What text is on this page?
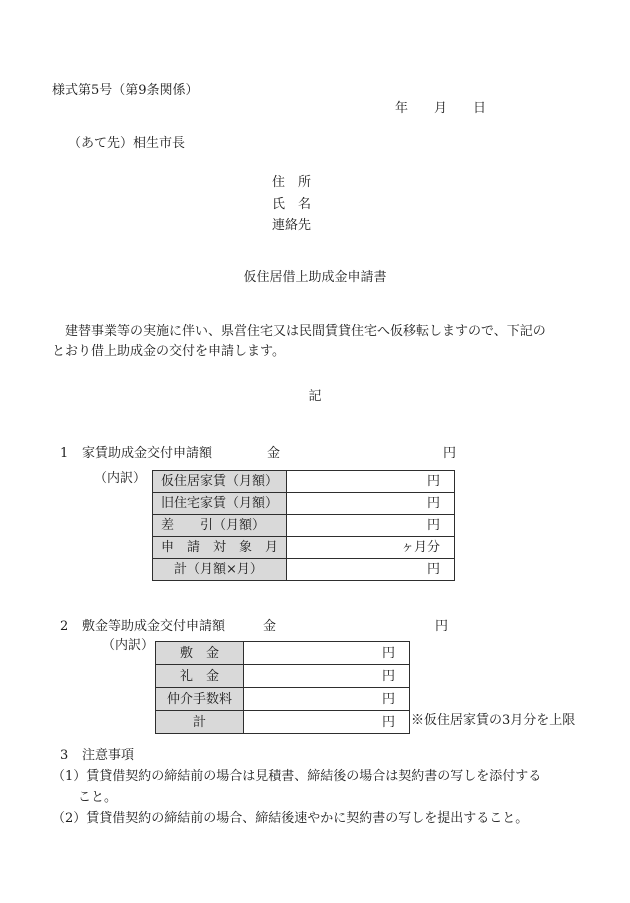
様式第5号（第9条関係）
年　　月　　日
（あて先）相生市長
住　所
氏　名
連絡先
仮住居借上助成金申請書
　建替事業等の実施に伴い、県営住宅又は民間賃貸住宅へ仮移転しますので、下記の
とおり借上助成金の交付を申請します。
記

1

家賃助成金交付申請額

	金

	円

（内訳） 仮住居家賃（月額）	円
旧住宅家賃（月額）	円
差　　引（月額）	円
申　請　対　象　月	ヶ月分
　計（月額×月）	円

2

敷金等助成金交付申請額

	金

	円

（内訳） 敷　金	円
礼　金	円
仲介手数料	円
計	円 ※仮住居家賃の3月分を上限

3

注意事項

（1）賃貸借契約の締結前の場合は見積書、締結後の場合は契約書の写しを添付する
こと。
（2）賃貸借契約の締結前の場合、締結後速やかに契約書の写しを提出すること。
